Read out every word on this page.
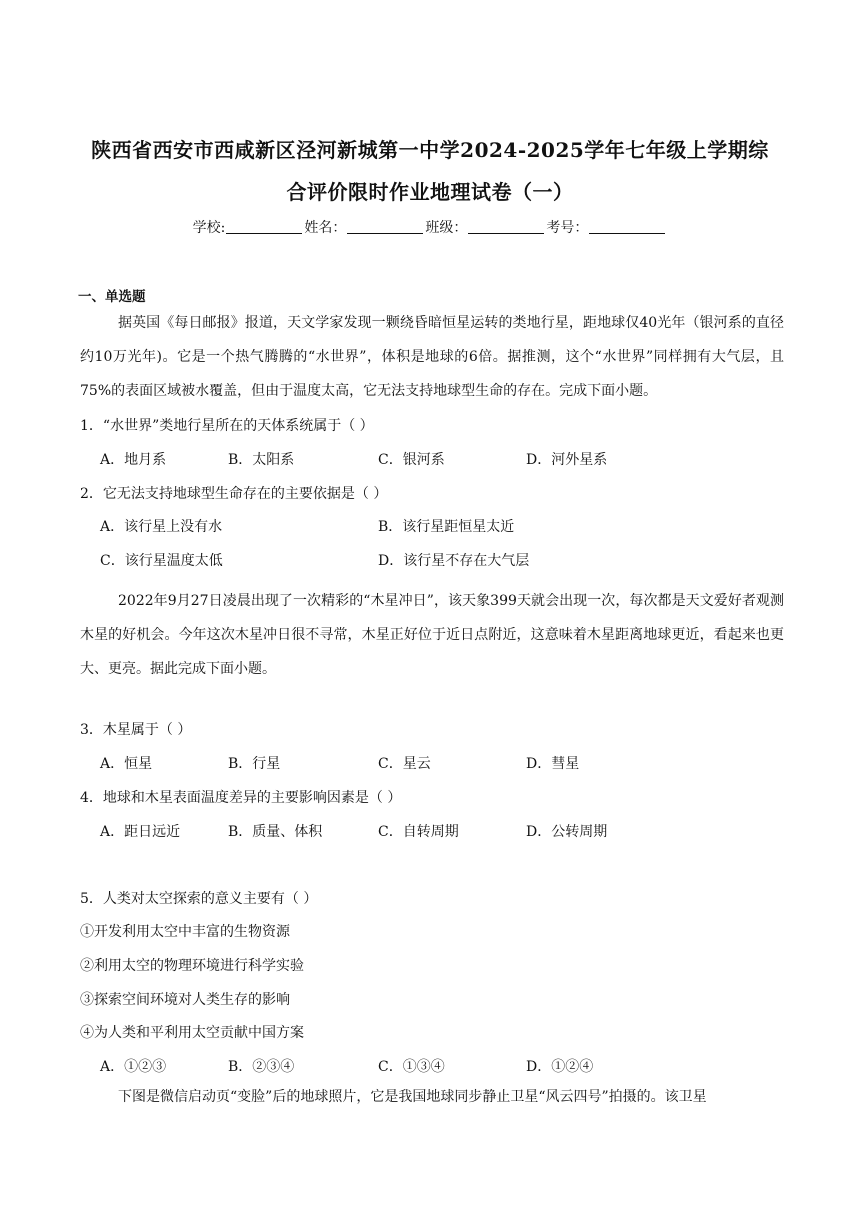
陕西省西安市西咸新区泾河新城第一中学2024-2025学年七年级上学期综
合评价限时作业地理试卷（一）
学校:	姓名：	班级：	考号：
一、单选题
据英国《每日邮报》报道，天文学家发现一颗绕昏暗恒星运转的类地行星，距地球仅40光年（银河系的直径约10万光年)。它是一个热气腾腾的“水世界”，体积是地球的6倍。据推测，这个“水世界”同样拥有大气层，且75%的表面区域被水覆盖，但由于温度太高，它无法支持地球型生命的存在。完成下面小题。
1．“水世界”类地行星所在的天体系统属于（ ）
A．地月系	B．太阳系	C．银河系	D．河外星系
2．它无法支持地球型生命存在的主要依据是（ ）
A．该行星上没有水	B．该行星距恒星太近
C．该行星温度太低	D．该行星不存在大气层
2022年9月27日凌晨出现了一次精彩的“木星冲日”，该天象399天就会出现一次，每次都是天文爱好者观测木星的好机会。今年这次木星冲日很不寻常，木星正好位于近日点附近，这意味着木星距离地球更近，看起来也更大、更亮。据此完成下面小题。
3．木星属于（ ）
A．恒星	B．行星	C．星云	D．彗星
4．地球和木星表面温度差异的主要影响因素是（ ）
A．距日远近	B．质量、体积	C．自转周期	D．公转周期
5．人类对太空探索的意义主要有（ ）
①开发利用太空中丰富的生物资源
②利用太空的物理环境进行科学实验
③探索空间环境对人类生存的影响
④为人类和平利用太空贡献中国方案
A．①②③	B．②③④	C．①③④	D．①②④
下图是微信启动页“变脸”后的地球照片，它是我国地球同步静止卫星“风云四号”拍摄的。该卫星
